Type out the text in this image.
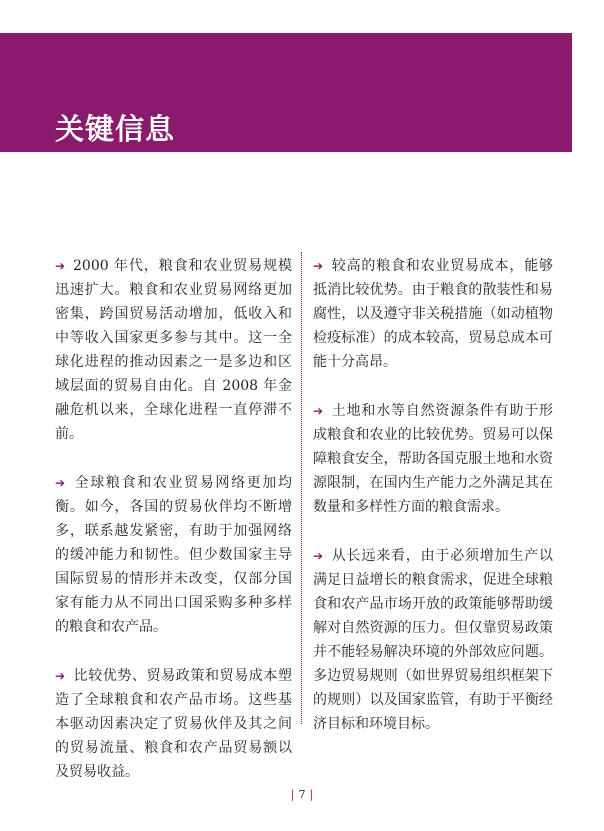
关键信息

➔ 2000 年代，粮食和农业贸易规模迅速扩大。粮食和农业贸易网络更加密集，跨国贸易活动增加，低收入和中等收入国家更多参与其中。这一全球化进程的推动因素之一是多边和区域层面的贸易自由化。自 2008 年金融危机以来，全球化进程一直停滞不前。

➔ 全球粮食和农业贸易网络更加均衡。如今，各国的贸易伙伴均不断增多，联系越发紧密，有助于加强网络的缓冲能力和韧性。但少数国家主导国际贸易的情形并未改变，仅部分国家有能力从不同出口国采购多种多样的粮食和农产品。

➔ 比较优势、贸易政策和贸易成本塑造了全球粮食和农产品市场。这些基本驱动因素决定了贸易伙伴及其之间的贸易流量、粮食和农产品贸易额以及贸易收益。

➔ 较高的粮食和农业贸易成本，能够抵消比较优势。由于粮食的散装性和易腐性，以及遵守非关税措施（如动植物检疫标准）的成本较高，贸易总成本可能十分高昂。

➔ 土地和水等自然资源条件有助于形成粮食和农业的比较优势。贸易可以保障粮食安全，帮助各国克服土地和水资源限制，在国内生产能力之外满足其在数量和多样性方面的粮食需求。

➔ 从长远来看，由于必须增加生产以满足日益增长的粮食需求，促进全球粮食和农产品市场开放的政策能够帮助缓解对自然资源的压力。但仅靠贸易政策并不能轻易解决环境的外部效应问题。多边贸易规则（如世界贸易组织框架下的规则）以及国家监管，有助于平衡经济目标和环境目标。

| 7 |
